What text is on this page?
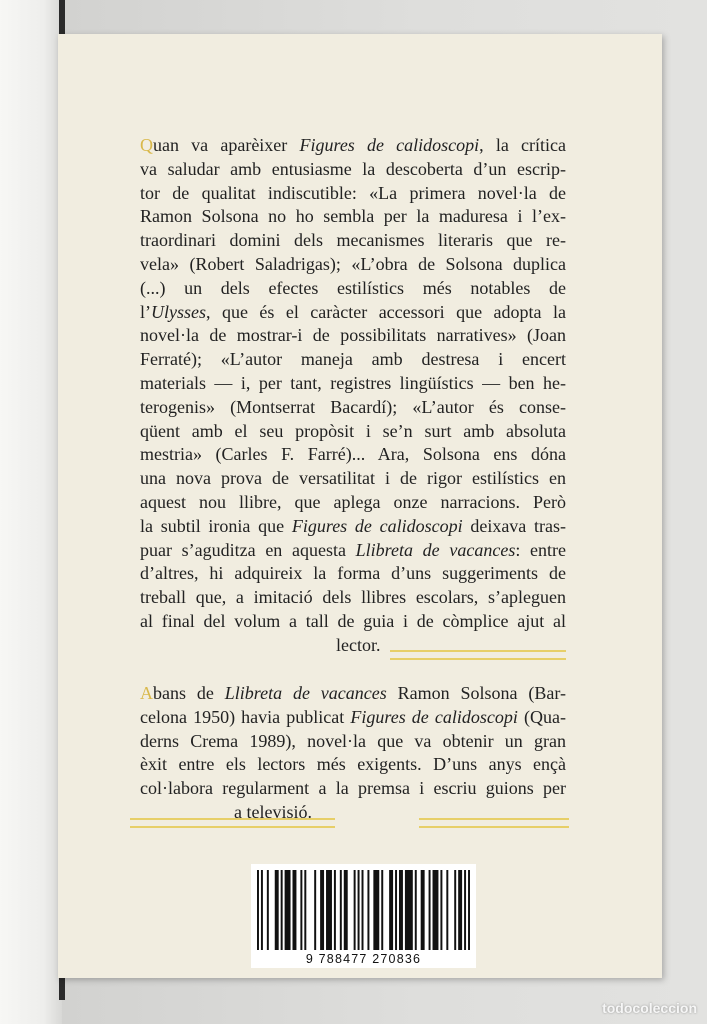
Quan va aparèixer Figures de calidoscopi, la crítica
va saludar amb entusiasme la descoberta d’un escrip-
tor de qualitat indiscutible: «La primera novel·la de
Ramon Solsona no ho sembla per la maduresa i l’ex-
traordinari domini dels mecanismes literaris que re-
vela» (Robert Saladrigas); «L’obra de Solsona duplica
(...) un dels efectes estilístics més notables de
l’Ulysses, que és el caràcter accessori que adopta la
novel·la de mostrar-i de possibilitats narratives» (Joan
Ferraté); «L’autor maneja amb destresa i encert
materials — i, per tant, registres lingüístics — ben he-
terogenis» (Montserrat Bacardí); «L’autor és conse-
qüent amb el seu propòsit i se’n surt amb absoluta
mestria» (Carles F. Farré)... Ara, Solsona ens dóna
una nova prova de versatilitat i de rigor estilístics en
aquest nou llibre, que aplega onze narracions. Però
la subtil ironia que Figures de calidoscopi deixava tras-
puar s’aguditza en aquesta Llibreta de vacances: entre
d’altres, hi adquireix la forma d’uns suggeriments de
treball que, a imitació dels llibres escolars, s’apleguen
al final del volum a tall de guia i de còmplice ajut al
lector.
Abans de Llibreta de vacances Ramon Solsona (Bar-
celona 1950) havia publicat Figures de calidoscopi (Qua-
derns Crema 1989), novel·la que va obtenir un gran
èxit entre els lectors més exigents. D’uns anys ençà
col·labora regularment a la premsa i escriu guions per
a televisió.
9 788477 270836
todocoleccion
